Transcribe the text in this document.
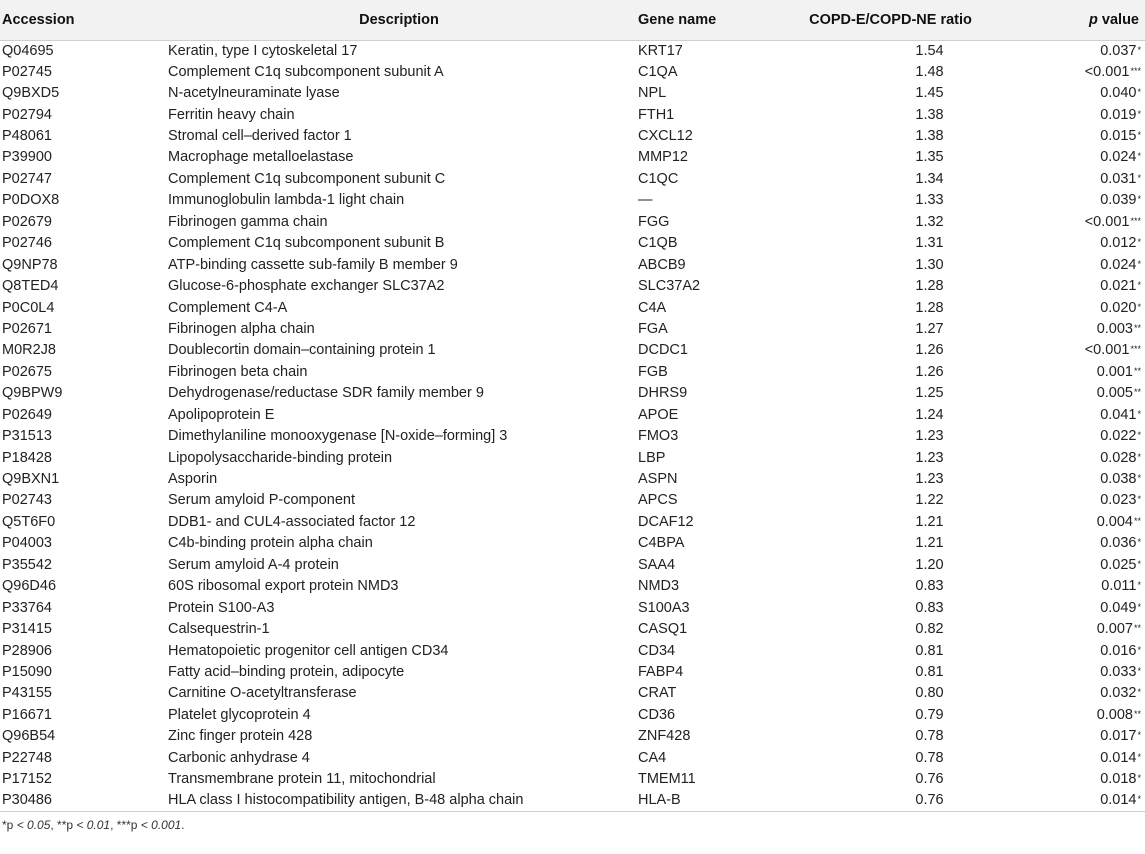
Accession	Description	Gene name	COPD-E/COPD-NE ratio	p value
Q04695	Keratin, type I cytoskeletal 17	KRT17	1.54	0.037*
P02745	Complement C1q subcomponent subunit A	C1QA	1.48	<0.001***
Q9BXD5	N-acetylneuraminate lyase	NPL	1.45	0.040*
P02794	Ferritin heavy chain	FTH1	1.38	0.019*
P48061	Stromal cell–derived factor 1	CXCL12	1.38	0.015*
P39900	Macrophage metalloelastase	MMP12	1.35	0.024*
P02747	Complement C1q subcomponent subunit C	C1QC	1.34	0.031*
P0DOX8	Immunoglobulin lambda-1 light chain	—	1.33	0.039*
P02679	Fibrinogen gamma chain	FGG	1.32	<0.001***
P02746	Complement C1q subcomponent subunit B	C1QB	1.31	0.012*
Q9NP78	ATP-binding cassette sub-family B member 9	ABCB9	1.30	0.024*
Q8TED4	Glucose-6-phosphate exchanger SLC37A2	SLC37A2	1.28	0.021*
P0C0L4	Complement C4-A	C4A	1.28	0.020*
P02671	Fibrinogen alpha chain	FGA	1.27	0.003**
M0R2J8	Doublecortin domain–containing protein 1	DCDC1	1.26	<0.001***
P02675	Fibrinogen beta chain	FGB	1.26	0.001**
Q9BPW9	Dehydrogenase/reductase SDR family member 9	DHRS9	1.25	0.005**
P02649	Apolipoprotein E	APOE	1.24	0.041*
P31513	Dimethylaniline monooxygenase [N-oxide–forming] 3	FMO3	1.23	0.022*
P18428	Lipopolysaccharide-binding protein	LBP	1.23	0.028*
Q9BXN1	Asporin	ASPN	1.23	0.038*
P02743	Serum amyloid P-component	APCS	1.22	0.023*
Q5T6F0	DDB1- and CUL4-associated factor 12	DCAF12	1.21	0.004**
P04003	C4b-binding protein alpha chain	C4BPA	1.21	0.036*
P35542	Serum amyloid A-4 protein	SAA4	1.20	0.025*
Q96D46	60S ribosomal export protein NMD3	NMD3	0.83	0.011*
P33764	Protein S100-A3	S100A3	0.83	0.049*
P31415	Calsequestrin-1	CASQ1	0.82	0.007**
P28906	Hematopoietic progenitor cell antigen CD34	CD34	0.81	0.016*
P15090	Fatty acid–binding protein, adipocyte	FABP4	0.81	0.033*
P43155	Carnitine O-acetyltransferase	CRAT	0.80	0.032*
P16671	Platelet glycoprotein 4	CD36	0.79	0.008**
Q96B54	Zinc finger protein 428	ZNF428	0.78	0.017*
P22748	Carbonic anhydrase 4	CA4	0.78	0.014*
P17152	Transmembrane protein 11, mitochondrial	TMEM11	0.76	0.018*
P30486	HLA class I histocompatibility antigen, B-48 alpha chain	HLA-B	0.76	0.014*
*p < 0.05, **p < 0.01, ***p < 0.001.
